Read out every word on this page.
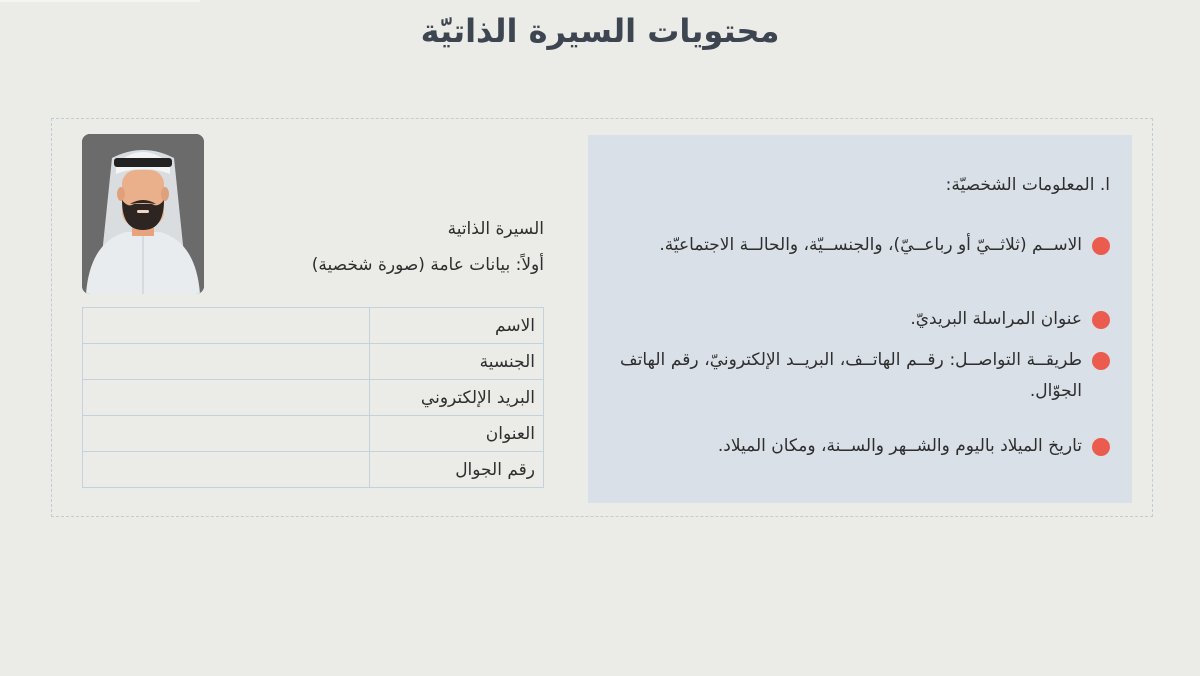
محتويات السيرة الذاتيّة
ا. المعلومات الشخصيّة:
الاســم (ثلاثــيّ أو رباعــيّ)، والجنســيّة، والحالــة الاجتماعيّة.
عنوان المراسلة البريديّ.
طريقــة التواصــل: رقــم الهاتــف، البريــد الإلكترونيّ، رقم الهاتف الجوّال.
تاريخ الميلاد باليوم والشــهر والســنة، ومكان الميلاد.
السيرة الذاتية
أولاً: بيانات عامة (صورة شخصية)
الاسم	
الجنسية	
البريد الإلكتروني	
العنوان	
رقم الجوال	
